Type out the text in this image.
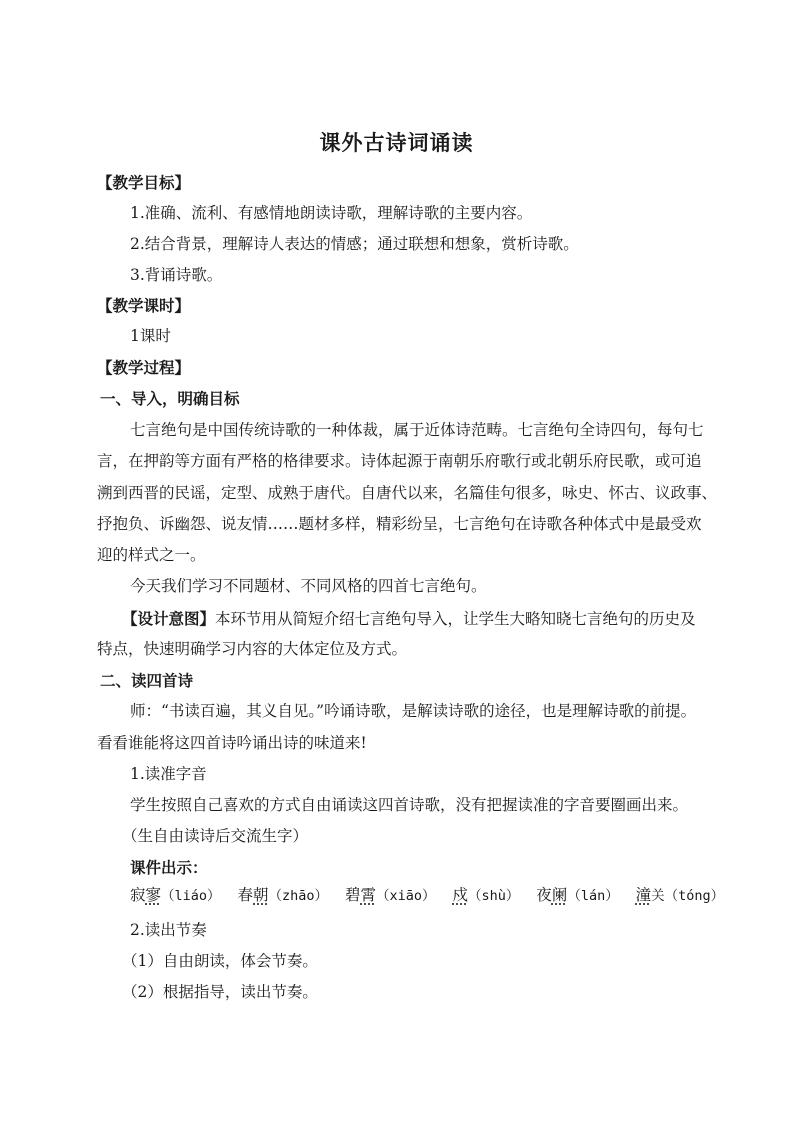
课外古诗词诵读
【教学目标】
1.准确、流利、有感情地朗读诗歌，理解诗歌的主要内容。
2.结合背景，理解诗人表达的情感；通过联想和想象，赏析诗歌。
3.背诵诗歌。
【教学课时】
1课时
【教学过程】
一、导入，明确目标
七言绝句是中国传统诗歌的一种体裁，属于近体诗范畴。七言绝句全诗四句，每句七
言，在押韵等方面有严格的格律要求。诗体起源于南朝乐府歌行或北朝乐府民歌，或可追
溯到西晋的民谣，定型、成熟于唐代。自唐代以来，名篇佳句很多，咏史、怀古、议政事、
抒抱负、诉幽怨、说友情……题材多样，精彩纷呈，七言绝句在诗歌各种体式中是最受欢
迎的样式之一。
今天我们学习不同题材、不同风格的四首七言绝句。
【设计意图】本环节用从简短介绍七言绝句导入，让学生大略知晓七言绝句的历史及
特点，快速明确学习内容的大体定位及方式。
二、读四首诗
师：“书读百遍，其义自见。”吟诵诗歌，是解读诗歌的途径，也是理解诗歌的前提。
看看谁能将这四首诗吟诵出诗的味道来!
1.读准字音
学生按照自己喜欢的方式自由诵读这四首诗歌，没有把握读准的字音要圈画出来。
（生自由读诗后交流生字）
课件出示：
寂寥（liáo） 春朝（zhāo） 碧霄（xiāo） 戍（shù） 夜阑（lán） 潼关（tóng）
2.读出节奏
（1）自由朗读，体会节奏。
（2）根据指导，读出节奏。
